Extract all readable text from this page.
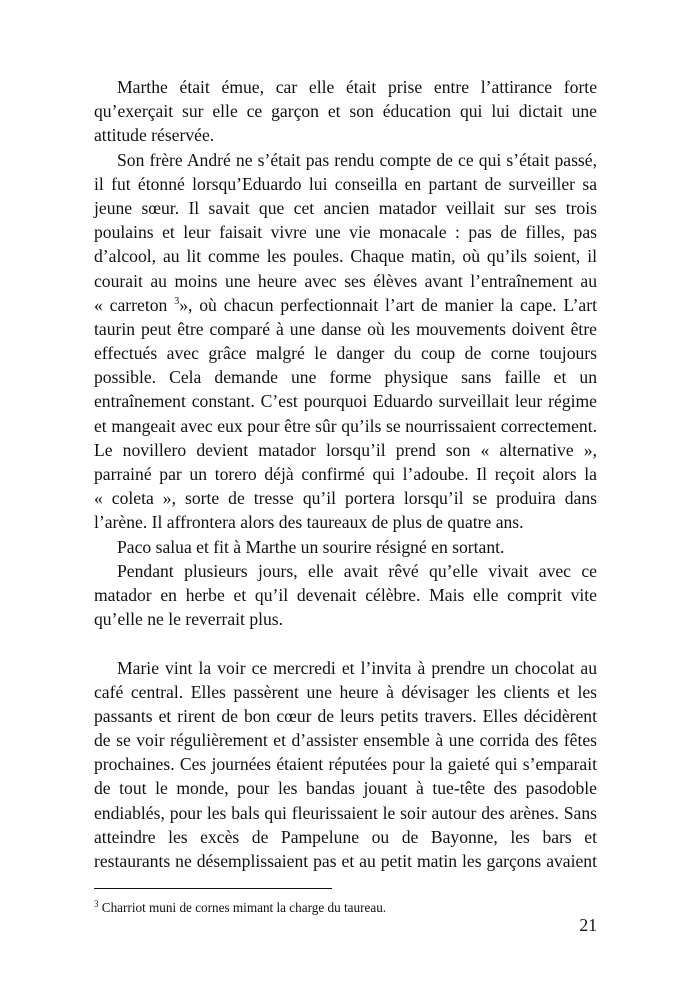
Marthe était émue, car elle était prise entre l’attirance forte
qu’exerçait sur elle ce garçon et son éducation qui lui dictait une
attitude réservée.
Son frère André ne s’était pas rendu compte de ce qui s’était passé,
il fut étonné lorsqu’Eduardo lui conseilla en partant de surveiller sa
jeune sœur. Il savait que cet ancien matador veillait sur ses trois
poulains et leur faisait vivre une vie monacale : pas de filles, pas
d’alcool, au lit comme les poules. Chaque matin, où qu’ils soient, il
courait au moins une heure avec ses élèves avant l’entraînement au
« carreton $^3$», où chacun perfectionnait l’art de manier la cape. L’art
taurin peut être comparé à une danse où les mouvements doivent être
effectués avec grâce malgré le danger du coup de corne toujours
possible. Cela demande une forme physique sans faille et un
entraînement constant. C’est pourquoi Eduardo surveillait leur régime
et mangeait avec eux pour être sûr qu’ils se nourrissaient correctement.
Le novillero devient matador lorsqu’il prend son « alternative »,
parrainé par un torero déjà confirmé qui l’adoube. Il reçoit alors la
« coleta », sorte de tresse qu’il portera lorsqu’il se produira dans
l’arène. Il affrontera alors des taureaux de plus de quatre ans.
Paco salua et fit à Marthe un sourire résigné en sortant.
Pendant plusieurs jours, elle avait rêvé qu’elle vivait avec ce
matador en herbe et qu’il devenait célèbre. Mais elle comprit vite
qu’elle ne le reverrait plus.
Marie vint la voir ce mercredi et l’invita à prendre un chocolat au
café central. Elles passèrent une heure à dévisager les clients et les
passants et rirent de bon cœur de leurs petits travers. Elles décidèrent
de se voir régulièrement et d’assister ensemble à une corrida des fêtes
prochaines. Ces journées étaient réputées pour la gaieté qui s’emparait
de tout le monde, pour les bandas jouant à tue-tête des pasodoble
endiablés, pour les bals qui fleurissaient le soir autour des arènes. Sans
atteindre les excès de Pampelune ou de Bayonne, les bars et
restaurants ne désemplissaient pas et au petit matin les garçons avaient
$^3$ Charriot muni de cornes mimant la charge du taureau.
21
